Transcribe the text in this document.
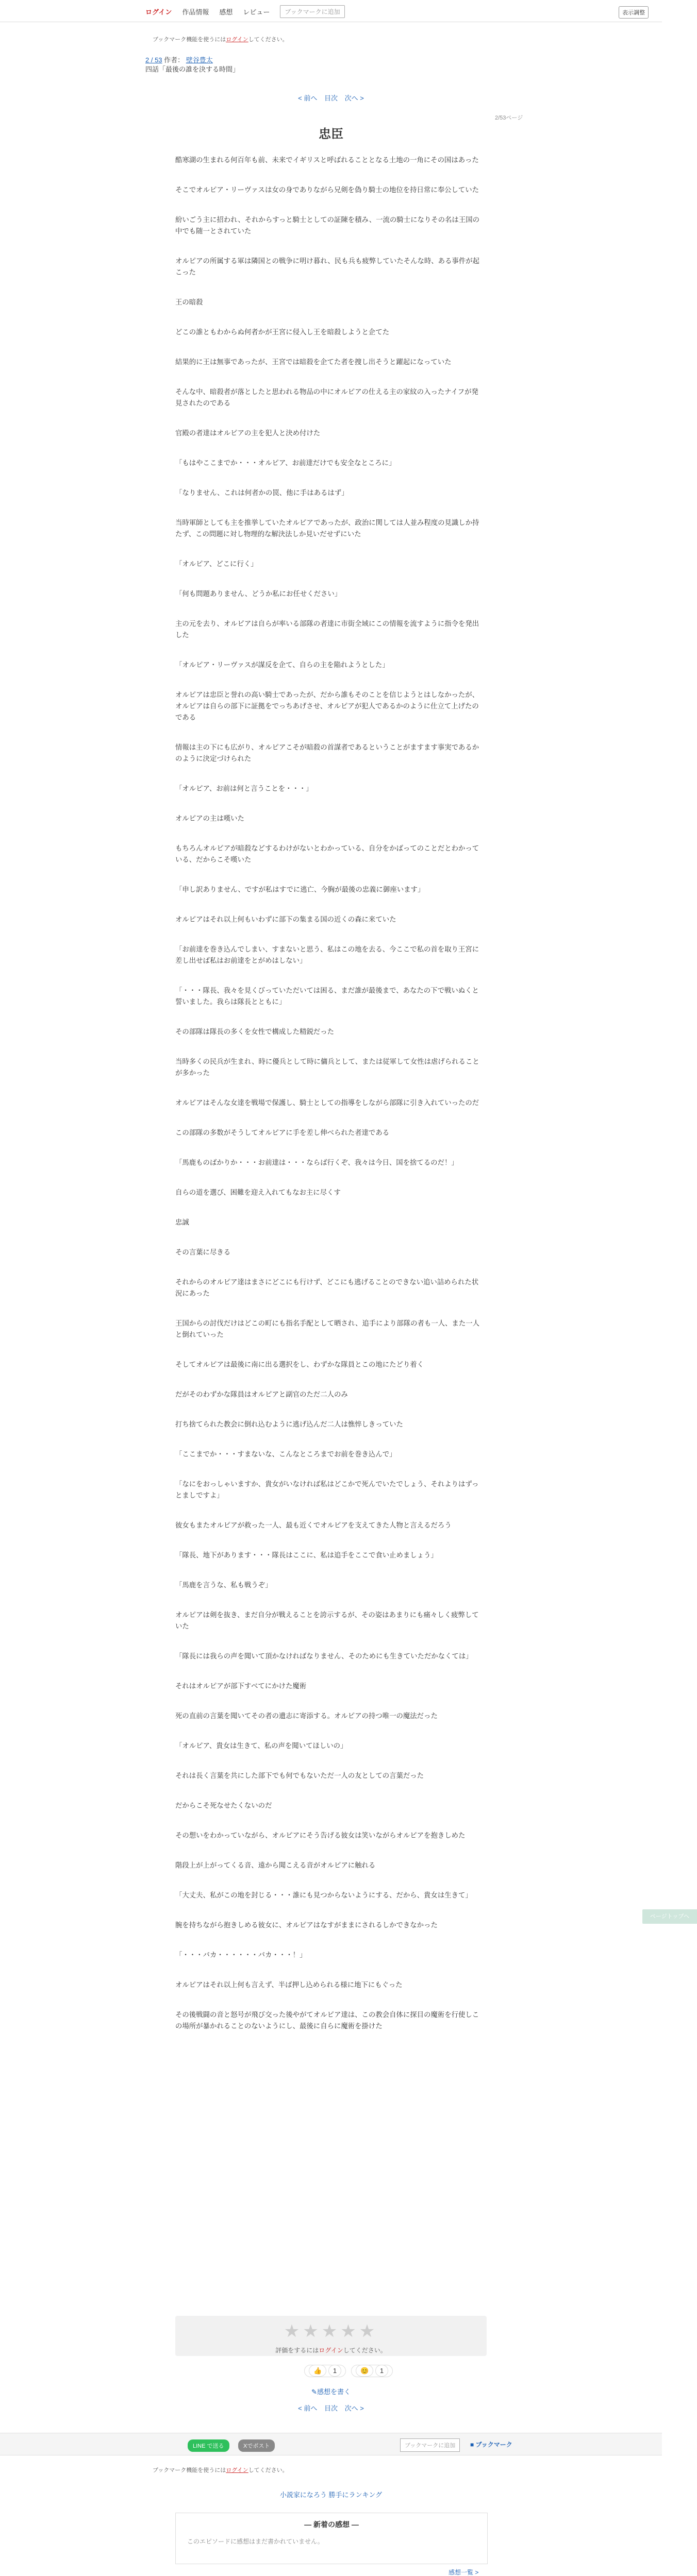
ログイン 作品情報 感想 レビュー	ブックマークに追加	表示調整
ブックマーク機能を使うにはログインしてください。
2 / 53 作者： 壁谷豊太
四話「最後の誰を決する時間」
< 前へ 目次 次へ >
2/53ページ
忠臣

酷寒湖の生まれる何百年も前、未来でイギリスと呼ばれることとなる土地の一角にその国はあった

そこでオルピア・リーヴァスは女の身でありながら兄剣を偽り騎士の地位を持日常に奉公していた

紛いごう主に招われ、それからすっと騎士としての証陳を積み、一流の騎士になりその名は王国の中でも随一とされていた

オルピアの所属する軍は隣国との戦争に明け暮れ、民も兵も疲弊していたそんな時、ある事件が起こった

王の暗殺

どこの誰ともわからぬ何者かが王宮に侵入し王を暗殺しようと企てた

結果的に王は無事であったが、王宮では暗殺を企てた者を捜し出そうと躍起になっていた

そんな中、暗殺者が落としたと思われる物品の中にオルピアの仕える主の家紋の入ったナイフが発見されたのである

官殿の者達はオルピアの主を犯人と決め付けた

「もはやここまでか・・・オルピア、お前達だけでも安全なところに」

「なりません、これは何者かの罠、他に手はあるはず」

当時軍師としても主を推挙していたオルピアであったが、政治に関しては人並み程度の見識しか持たず、この問題に対し物理的な解決法しか見いだせずにいた

「オルピア、どこに行く」

「何も問題ありません、どうか私にお任せください」

主の元を去り、オルピアは自らが率いる部隊の者達に市街全域にこの情報を流すように指令を発出した

「オルピア・リーヴァスが謀反を企て、自らの主を陥れようとした」

オルピアは忠臣と誉れの高い騎士であったが、だから誰もそのことを信じようとはしなかったが、オルピアは自らの部下に証拠をでっちあげさせ、オルピアが犯人であるかのように仕立て上げたのである

情報は主の下にも広がり、オルピアこそが暗殺の首謀者であるということがますます事実であるかのように決定づけられた

「オルピア、お前は何と言うことを・・・」

オルピアの主は嘆いた

もちろんオルピアが暗殺などするわけがないとわかっている、自分をかばってのことだとわかっている、だからこそ嘆いた

「申し訳ありません、ですが私はすでに逃亡、今胸が最後の忠義に御座います」

オルピアはそれ以上何もいわずに部下の集まる国の近くの森に来ていた

「お前達を巻き込んでしまい、すまないと思う、私はこの地を去る、今ここで私の首を取り王宮に差し出せば私はお前達をとがめはしない」

「・・・隊長、我々を見くびっていただいては困る、まだ誰が最後まで、あなたの下で戦いぬくと誓いました。我らは隊長とともに」

その部隊は隊長の多くを女性で構成した精鋭だった

当時多くの民兵が生まれ、時に優兵として時に傭兵として、または従軍して女性は虐げられることが多かった

オルピアはそんな女達を戦場で保護し、騎士としての指導をしながら部隊に引き入れていったのだ

この部隊の多数がそうしてオルピアに手を差し伸べられた者達である

「馬鹿ものばかりか・・・お前達は・・・ならば行くぞ、我々は今日、国を捨てるのだ！」

自らの道を選び、困難を迎え入れてもなお主に尽くす

忠誠

その言葉に尽きる

それからのオルピア達はまさにどこにも行けず、どこにも逃げることのできない追い詰められた状況にあった

王国からの討伐だけはどこの町にも指名手配として晒され、追手により部隊の者も一人、また一人と倒れていった

そしてオルピアは最後に南に出る選択をし、わずかな隊員とこの地にたどり着く

だがそのわずかな隊員はオルピアと副官のただ二人のみ

打ち捨てられた教会に倒れ込むように逃げ込んだ二人は憔悴しきっていた

「ここまでか・・・すまないな、こんなところまでお前を巻き込んで」

「なにをおっしゃいますか、貴女がいなければ私はどこかで死んでいたでしょう、それよりはずっとましですよ」

彼女もまたオルピアが救った一人、最も近くでオルピアを支えてきた人物と言えるだろう

「隊長、地下があります・・・隊長はここに、私は追手をここで食い止めましょう」

「馬鹿を言うな、私も戦うぞ」

オルピアは剣を抜き、まだ自分が戦えることを誇示するが、その姿はあまりにも痛々しく疲弊していた

「隊長には我らの声を聞いて頂かなければなりません、そのためにも生きていただかなくては」

それはオルピアが部下すべてにかけた魔術

死の直前の言葉を聞いてその者の遺志に寄添する。オルピアの持つ唯一の魔法だった

「オルピア、貴女は生きて、私の声を聞いてほしいの」

それは長く言葉を共にした部下でも何でもないただ一人の友としての言葉だった

だからこそ死なせたくないのだ

その想いをわかっていながら、オルピアにそう告げる彼女は笑いながらオルピアを抱きしめた

階段上が上がってくる音、遠から聞こえる音がオルピアに触れる

「大丈夫、私がこの地を封じる・・・誰にも見つからないようにする、だから、貴女は生きて」

腕を持ちながら抱きしめる彼女に、オルピアはなすがままにされるしかできなかった

「・・・バカ・・・・・・バカ・・・！」

オルピアはそれ以上何も言えず、半ば押し込められる様に地下にもぐった

その後戦闘の音と怒号が飛び交った後やがてオルピア達は、この教会自体に探目の魔術を行使しこの場所が暴かれることのないようにし、最後に自らに魔術を掛けた

★★★★★
評価をするにはログインしてください。
👍 1	😊 1
✎感想を書く
< 前へ 目次 次へ >
LINE で送る	Xでポスト	ブックマークに追加	■ ブックマーク
ブックマーク機能を使うにはログインしてください。
小説家になろう 勝手にランキング
— 新着の感想 —
このエピソードに感想はまだ書かれていません。
感想一覧 >
ページトップへ
